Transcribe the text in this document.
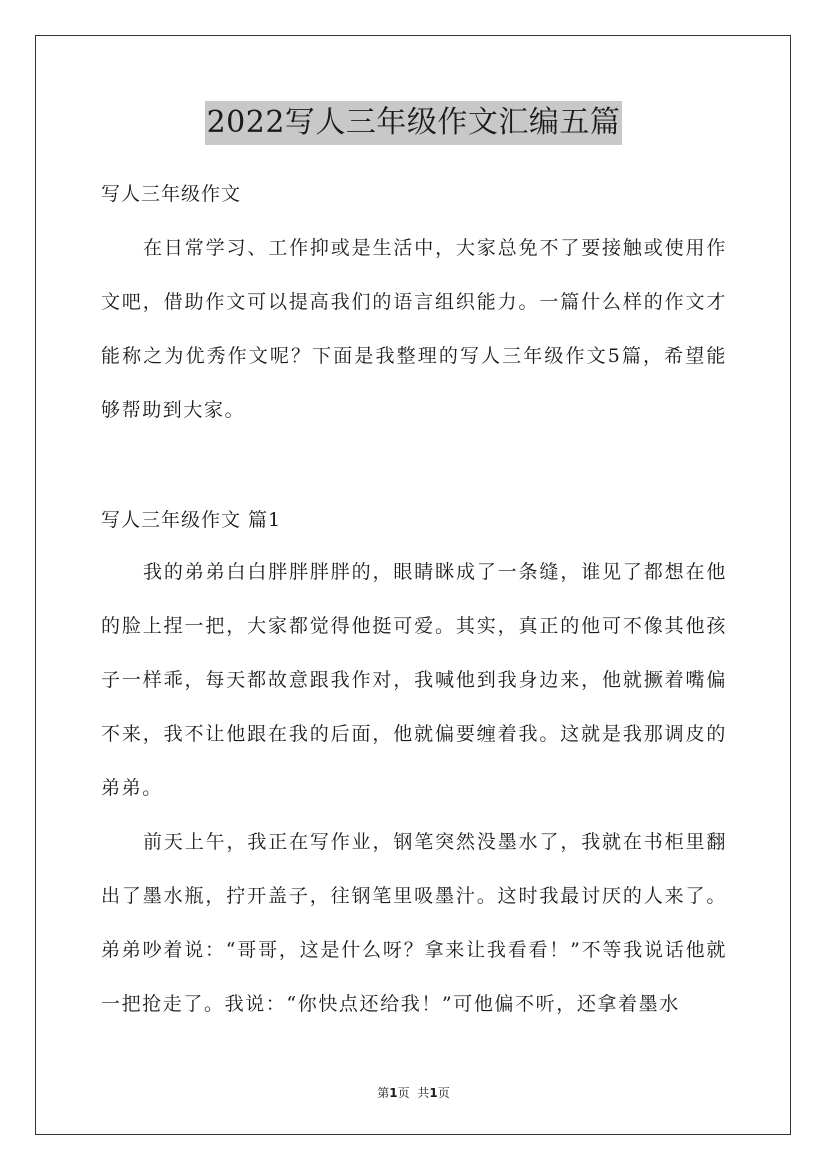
2022写人三年级作文汇编五篇
写人三年级作文
在日常学习、工作抑或是生活中，大家总免不了要接触或使用作文吧，借助作文可以提高我们的语言组织能力。一篇什么样的作文才能称之为优秀作文呢？下面是我整理的写人三年级作文5篇，希望能够帮助到大家。
写人三年级作文 篇1
我的弟弟白白胖胖胖胖的，眼睛眯成了一条缝，谁见了都想在他的脸上捏一把，大家都觉得他挺可爱。其实，真正的他可不像其他孩子一样乖，每天都故意跟我作对，我喊他到我身边来，他就撅着嘴偏不来，我不让他跟在我的后面，他就偏要缠着我。这就是我那调皮的弟弟。
前天上午，我正在写作业，钢笔突然没墨水了，我就在书柜里翻出了墨水瓶，拧开盖子，往钢笔里吸墨汁。这时我最讨厌的人来了。弟弟吵着说：“哥哥，这是什么呀？拿来让我看看！”不等我说话他就一把抢走了。我说：“你快点还给我！”可他偏不听，还拿着墨水
第1页 共1页
